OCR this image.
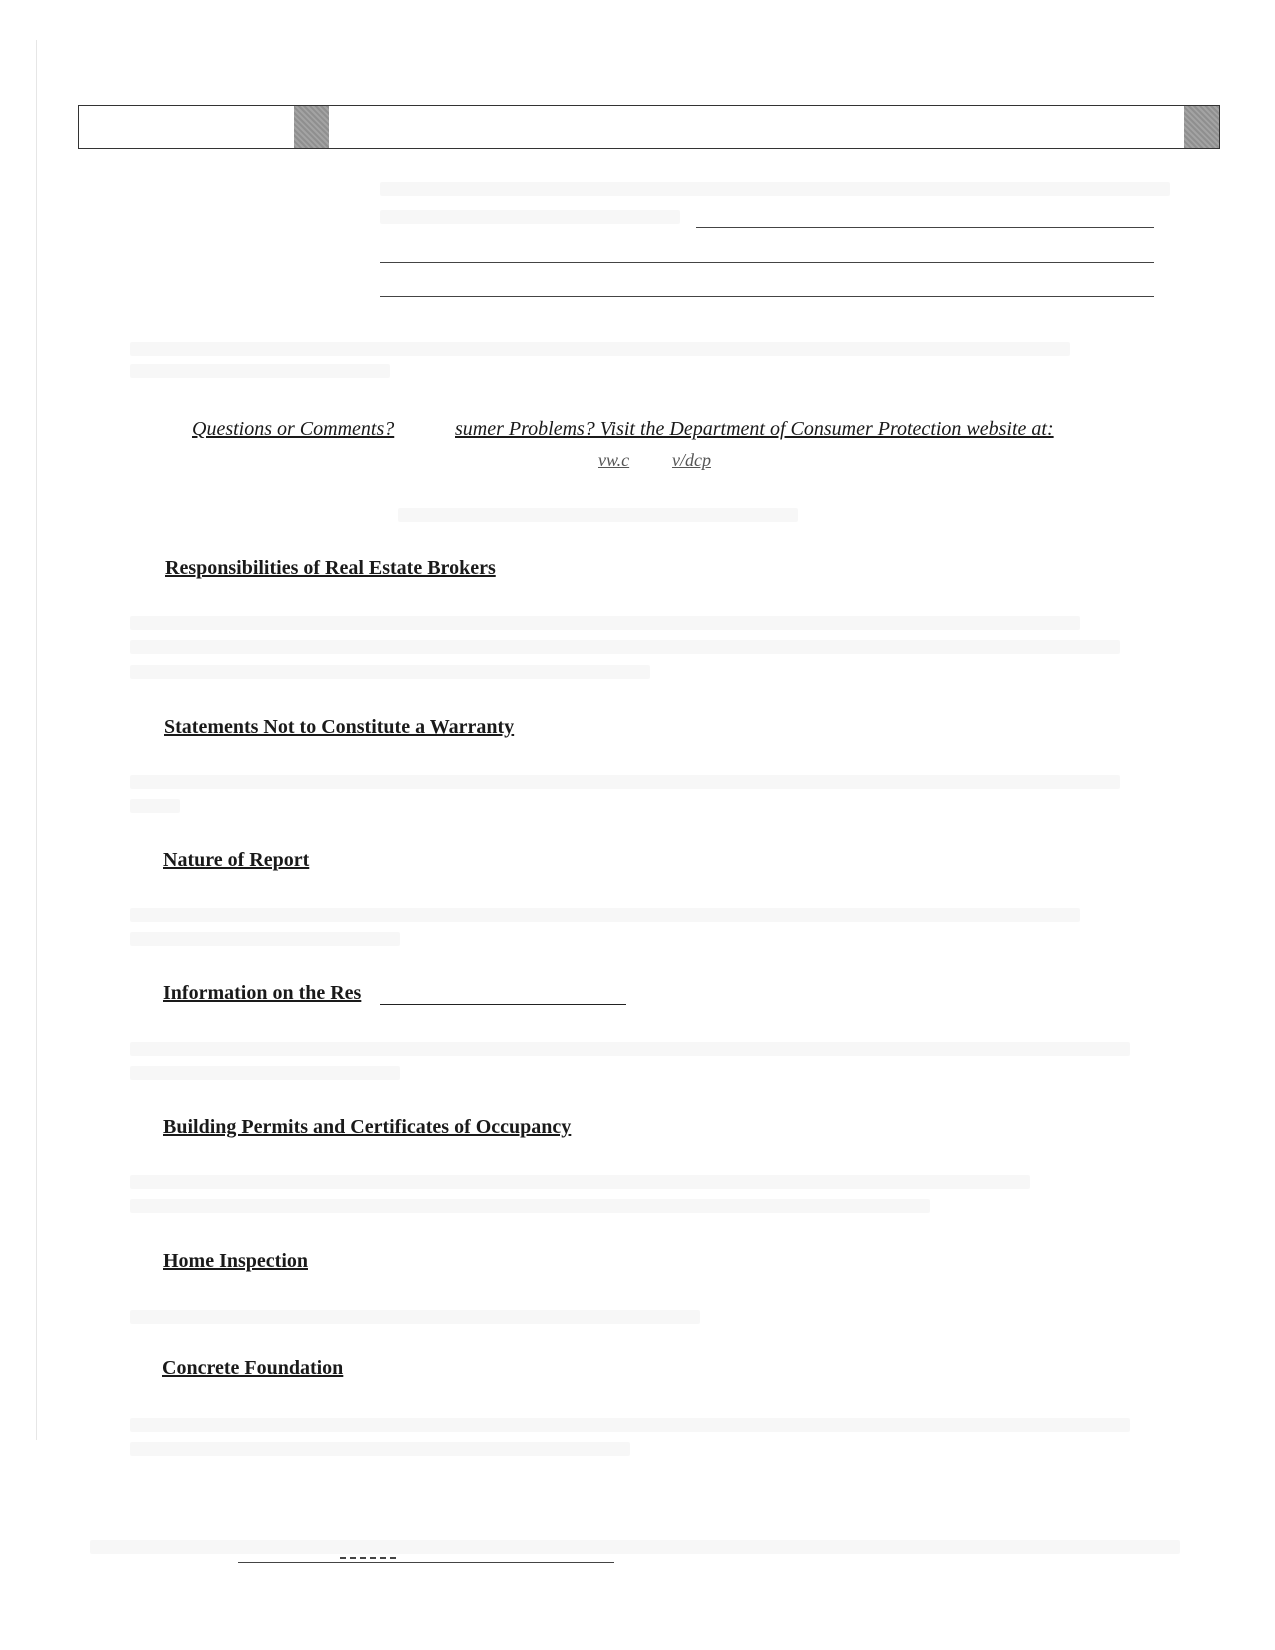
Questions or Comments?	sumer Problems? Visit the Department of Consumer Protection website at:
vw.c v/dcp
Responsibilities of Real Estate Brokers
Statements Not to Constitute a Warranty
Nature of Report
Information on the Res
Building Permits and Certificates of Occupancy
Home Inspection
Concrete Foundation
